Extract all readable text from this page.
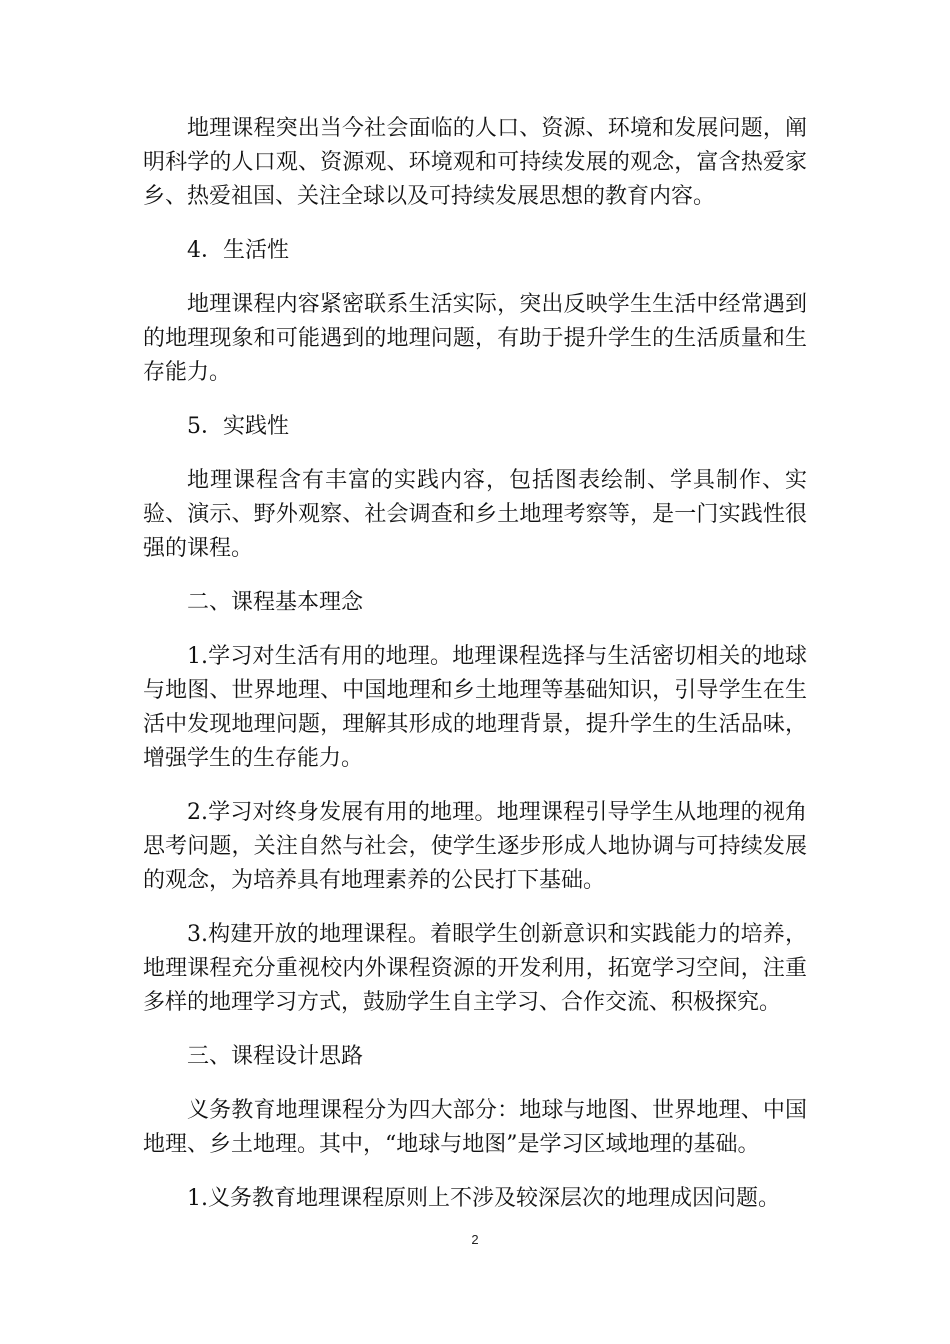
地理课程突出当今社会面临的人口、资源、环境和发展问题，阐明科学的人口观、资源观、环境观和可持续发展的观念，富含热爱家乡、热爱祖国、关注全球以及可持续发展思想的教育内容。

4．生活性

地理课程内容紧密联系生活实际，突出反映学生生活中经常遇到的地理现象和可能遇到的地理问题，有助于提升学生的生活质量和生存能力。

5．实践性

地理课程含有丰富的实践内容，包括图表绘制、学具制作、实验、演示、野外观察、社会调查和乡土地理考察等，是一门实践性很强的课程。

二、课程基本理念

1.学习对生活有用的地理。地理课程选择与生活密切相关的地球与地图、世界地理、中国地理和乡土地理等基础知识，引导学生在生活中发现地理问题，理解其形成的地理背景，提升学生的生活品味，增强学生的生存能力。

2.学习对终身发展有用的地理。地理课程引导学生从地理的视角思考问题，关注自然与社会，使学生逐步形成人地协调与可持续发展的观念，为培养具有地理素养的公民打下基础。

3.构建开放的地理课程。着眼学生创新意识和实践能力的培养，地理课程充分重视校内外课程资源的开发利用，拓宽学习空间，注重多样的地理学习方式，鼓励学生自主学习、合作交流、积极探究。

三、课程设计思路

义务教育地理课程分为四大部分：地球与地图、世界地理、中国地理、乡土地理。其中，“地球与地图”是学习区域地理的基础。

1.义务教育地理课程原则上不涉及较深层次的地理成因问题。

2
